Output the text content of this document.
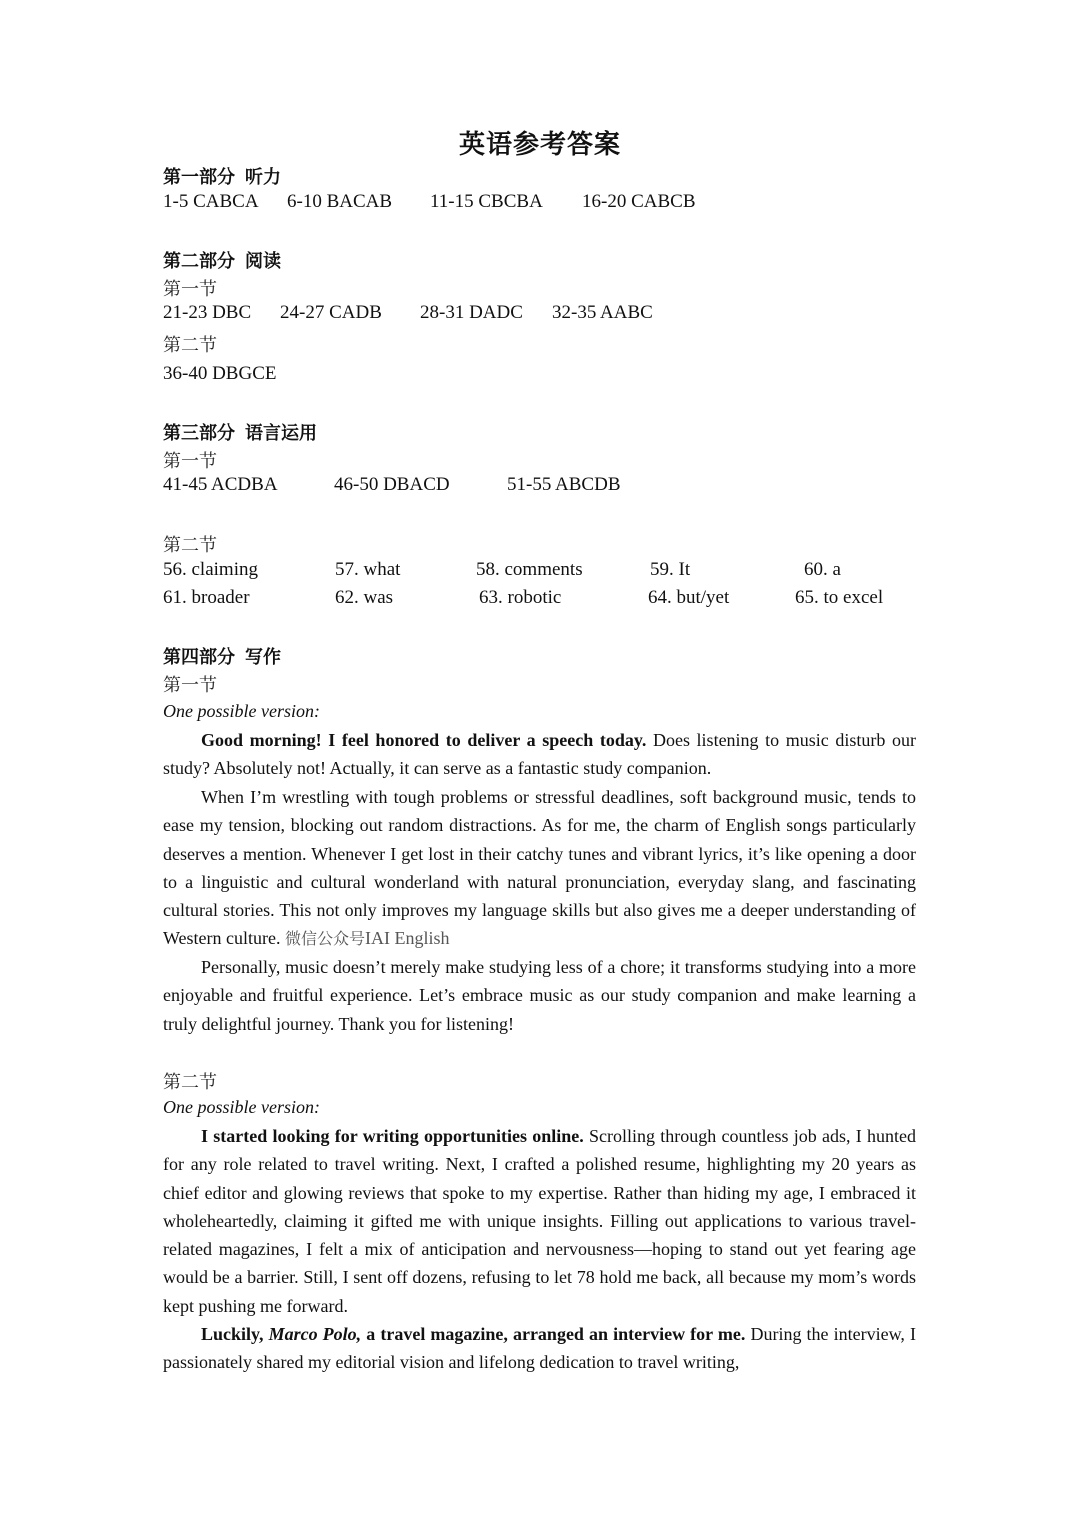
英语参考答案
第一部分 听力
1-5 CABCA 6-10 BACAB 11-15 CBCBA 16-20 CABCB
第二部分 阅读
第一节
21-23 DBC 24-27 CADB 28-31 DADC 32-35 AABC
第二节
36-40 DBGCE
第三部分 语言运用
第一节
41-45 ACDBA	46-50 DBACD	51-55 ABCDB
第二节
56. claiming	57. what	58. comments	59. It	60. a
61. broader	62. was	63. robotic	64. but/yet	65. to excel
第四部分 写作
第一节
One possible version:

Good morning! I feel honored to deliver a speech today. Does listening to music disturb our study? Absolutely not! Actually, it can serve as a fantastic study companion.

When I’m wrestling with tough problems or stressful deadlines, soft background music, tends to ease my tension, blocking out random distractions. As for me, the charm of English songs particularly deserves a mention. Whenever I get lost in their catchy tunes and vibrant lyrics, it’s like opening a door to a linguistic and cultural wonderland with natural pronunciation, everyday slang, and fascinating cultural stories. This not only improves my language skills but also gives me a deeper understanding of Western culture. 微信公众号IAI English

Personally, music doesn’t merely make studying less of a chore; it transforms studying into a more enjoyable and fruitful experience. Let’s embrace music as our study companion and make learning a truly delightful journey. Thank you for listening!

第二节
One possible version:

I started looking for writing opportunities online. Scrolling through countless job ads, I hunted for any role related to travel writing. Next, I crafted a polished resume, highlighting my 20 years as chief editor and glowing reviews that spoke to my expertise. Rather than hiding my age, I embraced it wholeheartedly, claiming it gifted me with unique insights. Filling out applications to various travel-related magazines, I felt a mix of anticipation and nervousness—hoping to stand out yet fearing age would be a barrier. Still, I sent off dozens, refusing to let 78 hold me back, all because my mom’s words kept pushing me forward.

Luckily, Marco Polo, a travel magazine, arranged an interview for me. During the interview, I passionately shared my editorial vision and lifelong dedication to travel writing,
